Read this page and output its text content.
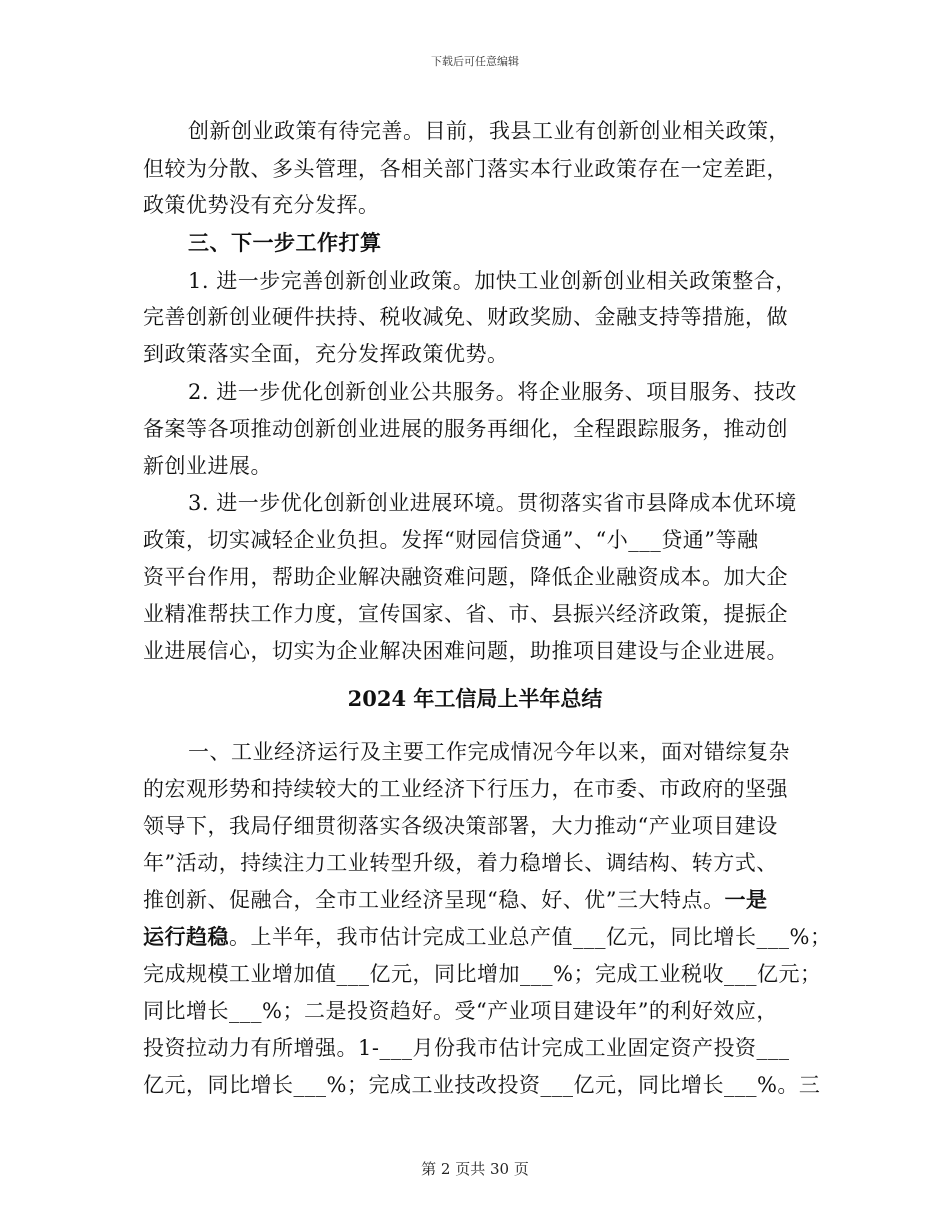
下载后可任意编辑
创新创业政策有待完善。目前，我县工业有创新创业相关政策，
但较为分散、多头管理，各相关部门落实本行业政策存在一定差距，
政策优势没有充分发挥。
三、下一步工作打算
1. 进一步完善创新创业政策。加快工业创新创业相关政策整合，
完善创新创业硬件扶持、税收减免、财政奖励、金融支持等措施，做
到政策落实全面，充分发挥政策优势。
2. 进一步优化创新创业公共服务。将企业服务、项目服务、技改
备案等各项推动创新创业进展的服务再细化，全程跟踪服务，推动创
新创业进展。
3. 进一步优化创新创业进展环境。贯彻落实省市县降成本优环境
政策，切实减轻企业负担。发挥“财园信贷通”、“小___贷通”等融
资平台作用，帮助企业解决融资难问题，降低企业融资成本。加大企
业精准帮扶工作力度，宣传国家、省、市、县振兴经济政策，提振企
业进展信心，切实为企业解决困难问题，助推项目建设与企业进展。
2024 年工信局上半年总结
一、工业经济运行及主要工作完成情况今年以来，面对错综复杂
的宏观形势和持续较大的工业经济下行压力，在市委、市政府的坚强
领导下，我局仔细贯彻落实各级决策部署，大力推动“产业项目建设
年”活动，持续注力工业转型升级，着力稳增长、调结构、转方式、
推创新、促融合，全市工业经济呈现“稳、好、优”三大特点。一是
运行趋稳。上半年，我市估计完成工业总产值___亿元，同比增长___%；
完成规模工业增加值___亿元，同比增加___%；完成工业税收___亿元；
同比增长___%；二是投资趋好。受“产业项目建设年”的利好效应，
投资拉动力有所增强。1-___月份我市估计完成工业固定资产投资___
亿元，同比增长___%；完成工业技改投资___亿元，同比增长___%。三
第 2 页共 30 页
